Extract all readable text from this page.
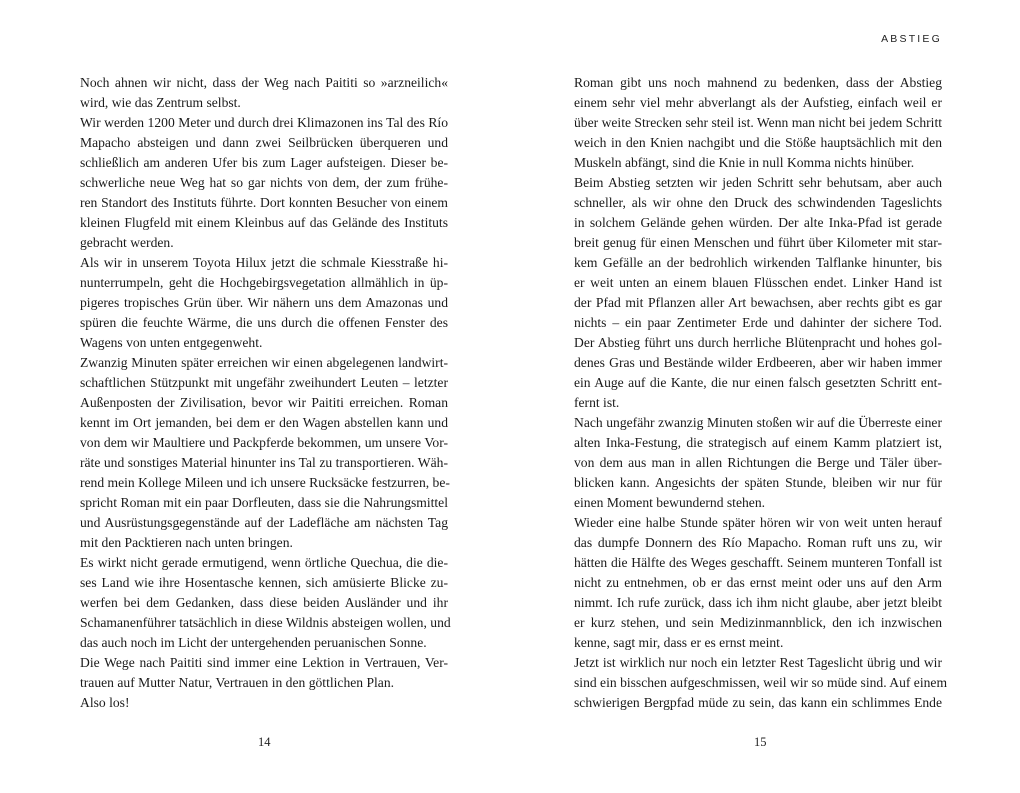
Noch ahnen wir nicht, dass der Weg nach Paititi so »arzneilich«
wird, wie das Zentrum selbst.
Wir werden 1200 Meter und durch drei Klimazonen ins Tal des Río
Mapacho absteigen und dann zwei Seilbrücken überqueren und
schließlich am anderen Ufer bis zum Lager aufsteigen. Dieser be-
schwerliche neue Weg hat so gar nichts von dem, der zum frühe-
ren Standort des Instituts führte. Dort konnten Besucher von einem
kleinen Flugfeld mit einem Kleinbus auf das Gelände des Instituts
gebracht werden.
Als wir in unserem Toyota Hilux jetzt die schmale Kiesstraße hi-
nunterrumpeln, geht die Hochgebirgsvegetation allmählich in üp-
pigeres tropisches Grün über. Wir nähern uns dem Amazonas und
spüren die feuchte Wärme, die uns durch die offenen Fenster des
Wagens von unten entgegenweht.
Zwanzig Minuten später erreichen wir einen abgelegenen landwirt-
schaftlichen Stützpunkt mit ungefähr zweihundert Leuten – letzter
Außenposten der Zivilisation, bevor wir Paititi erreichen. Roman
kennt im Ort jemanden, bei dem er den Wagen abstellen kann und
von dem wir Maultiere und Packpferde bekommen, um unsere Vor-
räte und sonstiges Material hinunter ins Tal zu transportieren. Wäh-
rend mein Kollege Mileen und ich unsere Rucksäcke festzurren, be-
spricht Roman mit ein paar Dorfleuten, dass sie die Nahrungsmittel
und Ausrüstungsgegenstände auf der Ladefläche am nächsten Tag
mit den Packtieren nach unten bringen.
Es wirkt nicht gerade ermutigend, wenn örtliche Quechua, die die-
ses Land wie ihre Hosentasche kennen, sich amüsierte Blicke zu-
werfen bei dem Gedanken, dass diese beiden Ausländer und ihr
Schamanenführer tatsächlich in diese Wildnis absteigen wollen, und
das auch noch im Licht der untergehenden peruanischen Sonne.
Die Wege nach Paititi sind immer eine Lektion in Vertrauen, Ver-
trauen auf Mutter Natur, Vertrauen in den göttlichen Plan.
Also los!
14
ABSTIEG
Roman gibt uns noch mahnend zu bedenken, dass der Abstieg
einem sehr viel mehr abverlangt als der Aufstieg, einfach weil er
über weite Strecken sehr steil ist. Wenn man nicht bei jedem Schritt
weich in den Knien nachgibt und die Stöße hauptsächlich mit den
Muskeln abfängt, sind die Knie in null Komma nichts hinüber.
Beim Abstieg setzten wir jeden Schritt sehr behutsam, aber auch
schneller, als wir ohne den Druck des schwindenden Tageslichts
in solchem Gelände gehen würden. Der alte Inka-Pfad ist gerade
breit genug für einen Menschen und führt über Kilometer mit star-
kem Gefälle an der bedrohlich wirkenden Talflanke hinunter, bis
er weit unten an einem blauen Flüsschen endet. Linker Hand ist
der Pfad mit Pflanzen aller Art bewachsen, aber rechts gibt es gar
nichts – ein paar Zentimeter Erde und dahinter der sichere Tod.
Der Abstieg führt uns durch herrliche Blütenpracht und hohes gol-
denes Gras und Bestände wilder Erdbeeren, aber wir haben immer
ein Auge auf die Kante, die nur einen falsch gesetzten Schritt ent-
fernt ist.
Nach ungefähr zwanzig Minuten stoßen wir auf die Überreste einer
alten Inka-Festung, die strategisch auf einem Kamm platziert ist,
von dem aus man in allen Richtungen die Berge und Täler über-
blicken kann. Angesichts der späten Stunde, bleiben wir nur für
einen Moment bewundernd stehen.
Wieder eine halbe Stunde später hören wir von weit unten herauf
das dumpfe Donnern des Río Mapacho. Roman ruft uns zu, wir
hätten die Hälfte des Weges geschafft. Seinem munteren Tonfall ist
nicht zu entnehmen, ob er das ernst meint oder uns auf den Arm
nimmt. Ich rufe zurück, dass ich ihm nicht glaube, aber jetzt bleibt
er kurz stehen, und sein Medizinmannblick, den ich inzwischen
kenne, sagt mir, dass er es ernst meint.
Jetzt ist wirklich nur noch ein letzter Rest Tageslicht übrig und wir
sind ein bisschen aufgeschmissen, weil wir so müde sind. Auf einem
schwierigen Bergpfad müde zu sein, das kann ein schlimmes Ende
15
